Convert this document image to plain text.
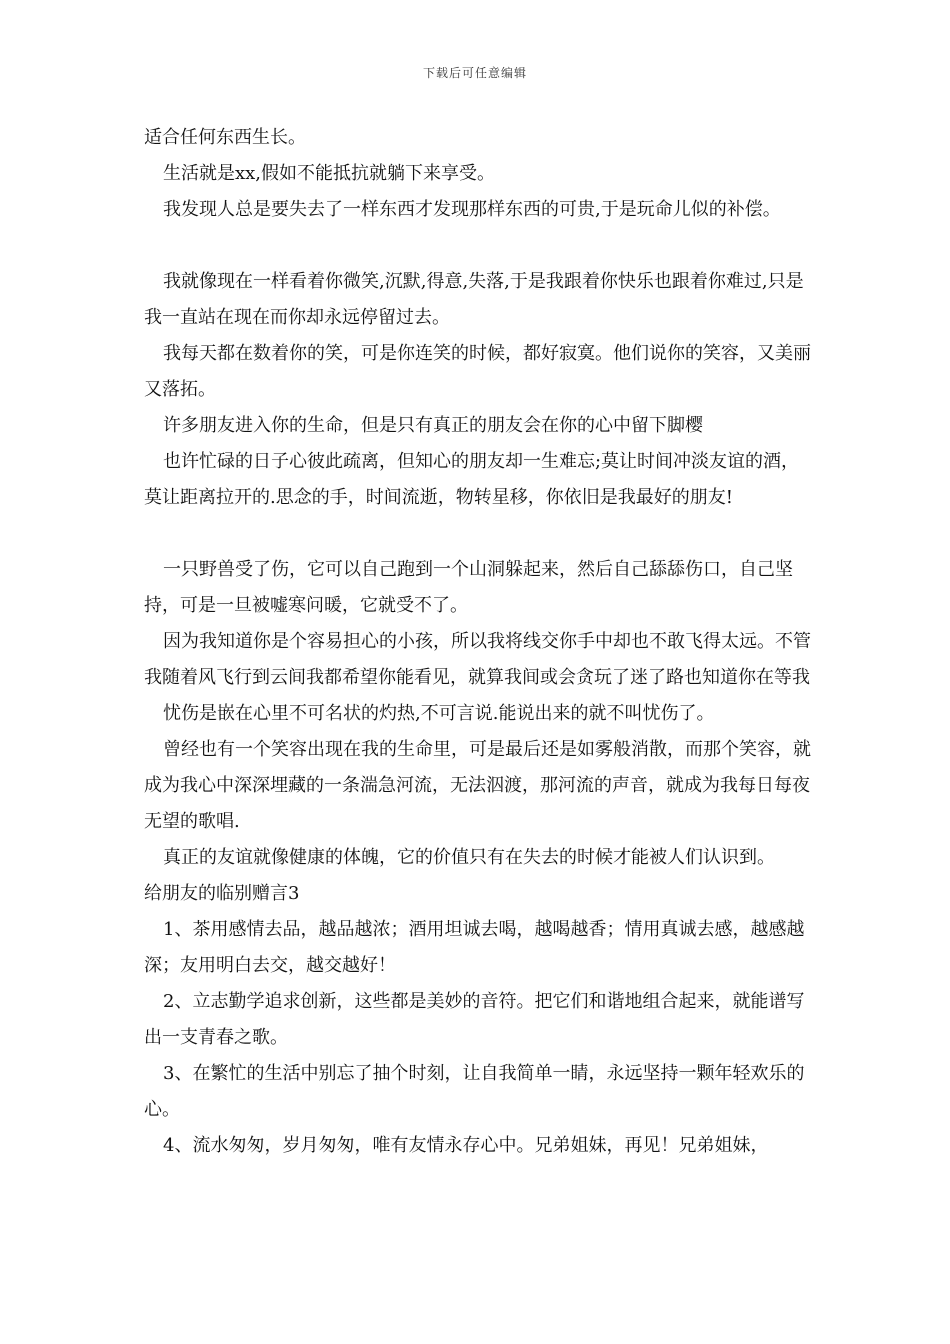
下载后可任意编辑

适合任何东西生长。

生活就是xx,假如不能抵抗就躺下来享受。

我发现人总是要失去了一样东西才发现那样东西的可贵,于是玩命儿似的补偿。

我就像现在一样看着你微笑,沉默,得意,失落,于是我跟着你快乐也跟着你难过,只是我一直站在现在而你却永远停留过去。

我每天都在数着你的笑，可是你连笑的时候，都好寂寞。他们说你的笑容，又美丽又落拓。

许多朋友进入你的生命，但是只有真正的朋友会在你的心中留下脚樱

也许忙碌的日子心彼此疏离，但知心的朋友却一生难忘;莫让时间冲淡友谊的酒，莫让距离拉开的.思念的手，时间流逝，物转星移，你依旧是我最好的朋友!

一只野兽受了伤，它可以自己跑到一个山洞躲起来，然后自己舔舔伤口，自己坚持，可是一旦被嘘寒问暖，它就受不了。

因为我知道你是个容易担心的小孩，所以我将线交你手中却也不敢飞得太远。不管我随着风飞行到云间我都希望你能看见，就算我间或会贪玩了迷了路也知道你在等我

忧伤是嵌在心里不可名状的灼热,不可言说.能说出来的就不叫忧伤了。

曾经也有一个笑容出现在我的生命里，可是最后还是如雾般消散，而那个笑容，就成为我心中深深埋藏的一条湍急河流，无法泅渡，那河流的声音，就成为我每日每夜无望的歌唱.

真正的友谊就像健康的体魄，它的价值只有在失去的时候才能被人们认识到。

给朋友的临别赠言3

1、茶用感情去品，越品越浓；酒用坦诚去喝，越喝越香；情用真诚去感，越感越深；友用明白去交，越交越好！

2、立志勤学追求创新，这些都是美妙的音符。把它们和谐地组合起来，就能谱写出一支青春之歌。

3、在繁忙的生活中别忘了抽个时刻，让自我简单一睛，永远坚持一颗年轻欢乐的心。

4、流水匆匆，岁月匆匆，唯有友情永存心中。兄弟姐妹，再见！兄弟姐妹，
